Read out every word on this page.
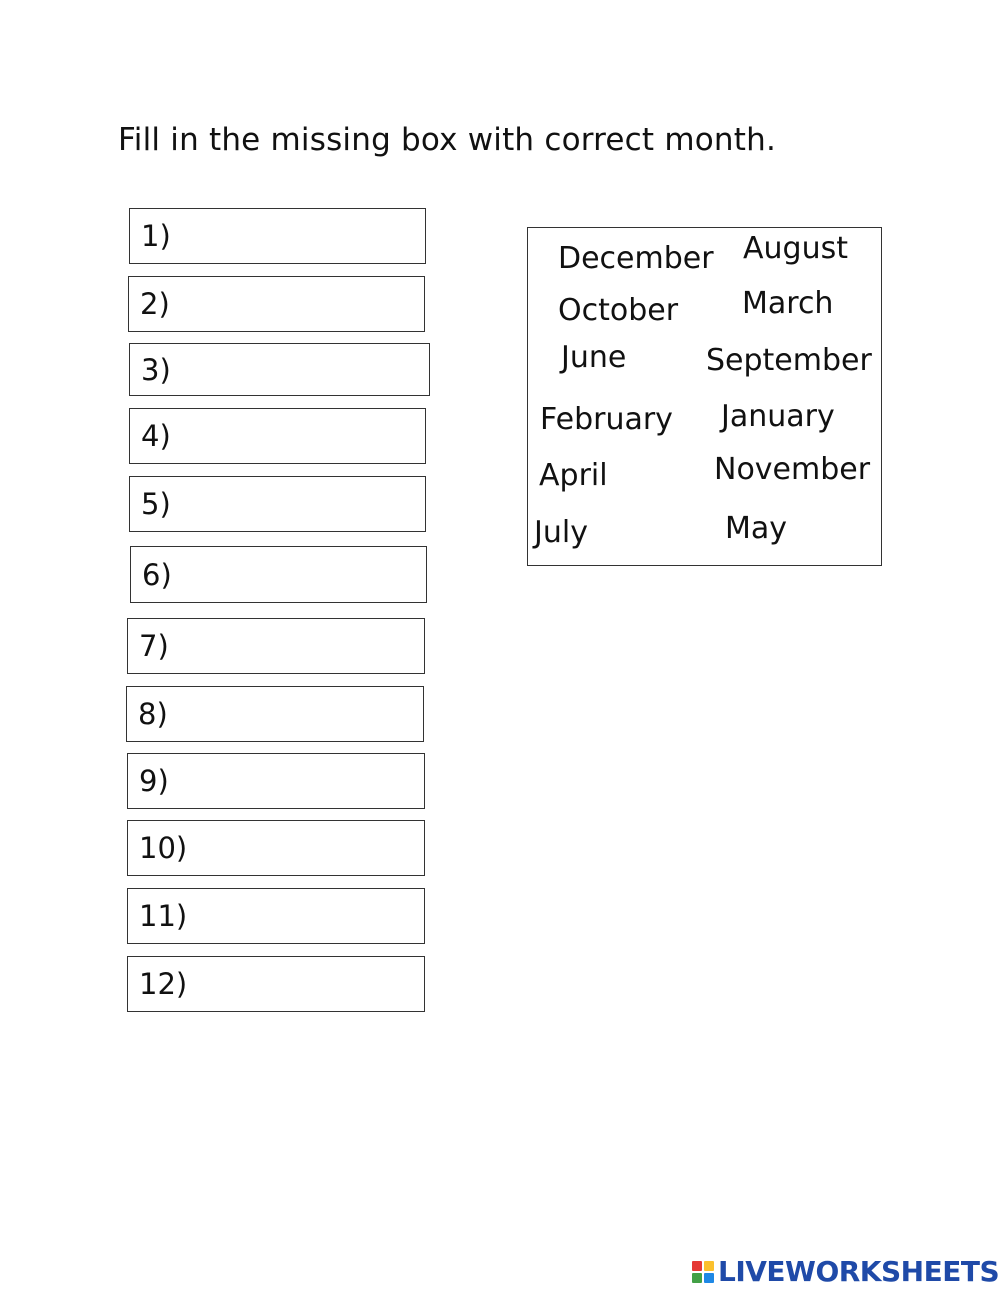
Fill in the missing box with correct month.
1)
2)
3)
4)
5)
6)
7)
8)
9)
10)
11)
12)
December August
October March
June	September
February January
April	November
July	May
LIVEWORKSHEETS
